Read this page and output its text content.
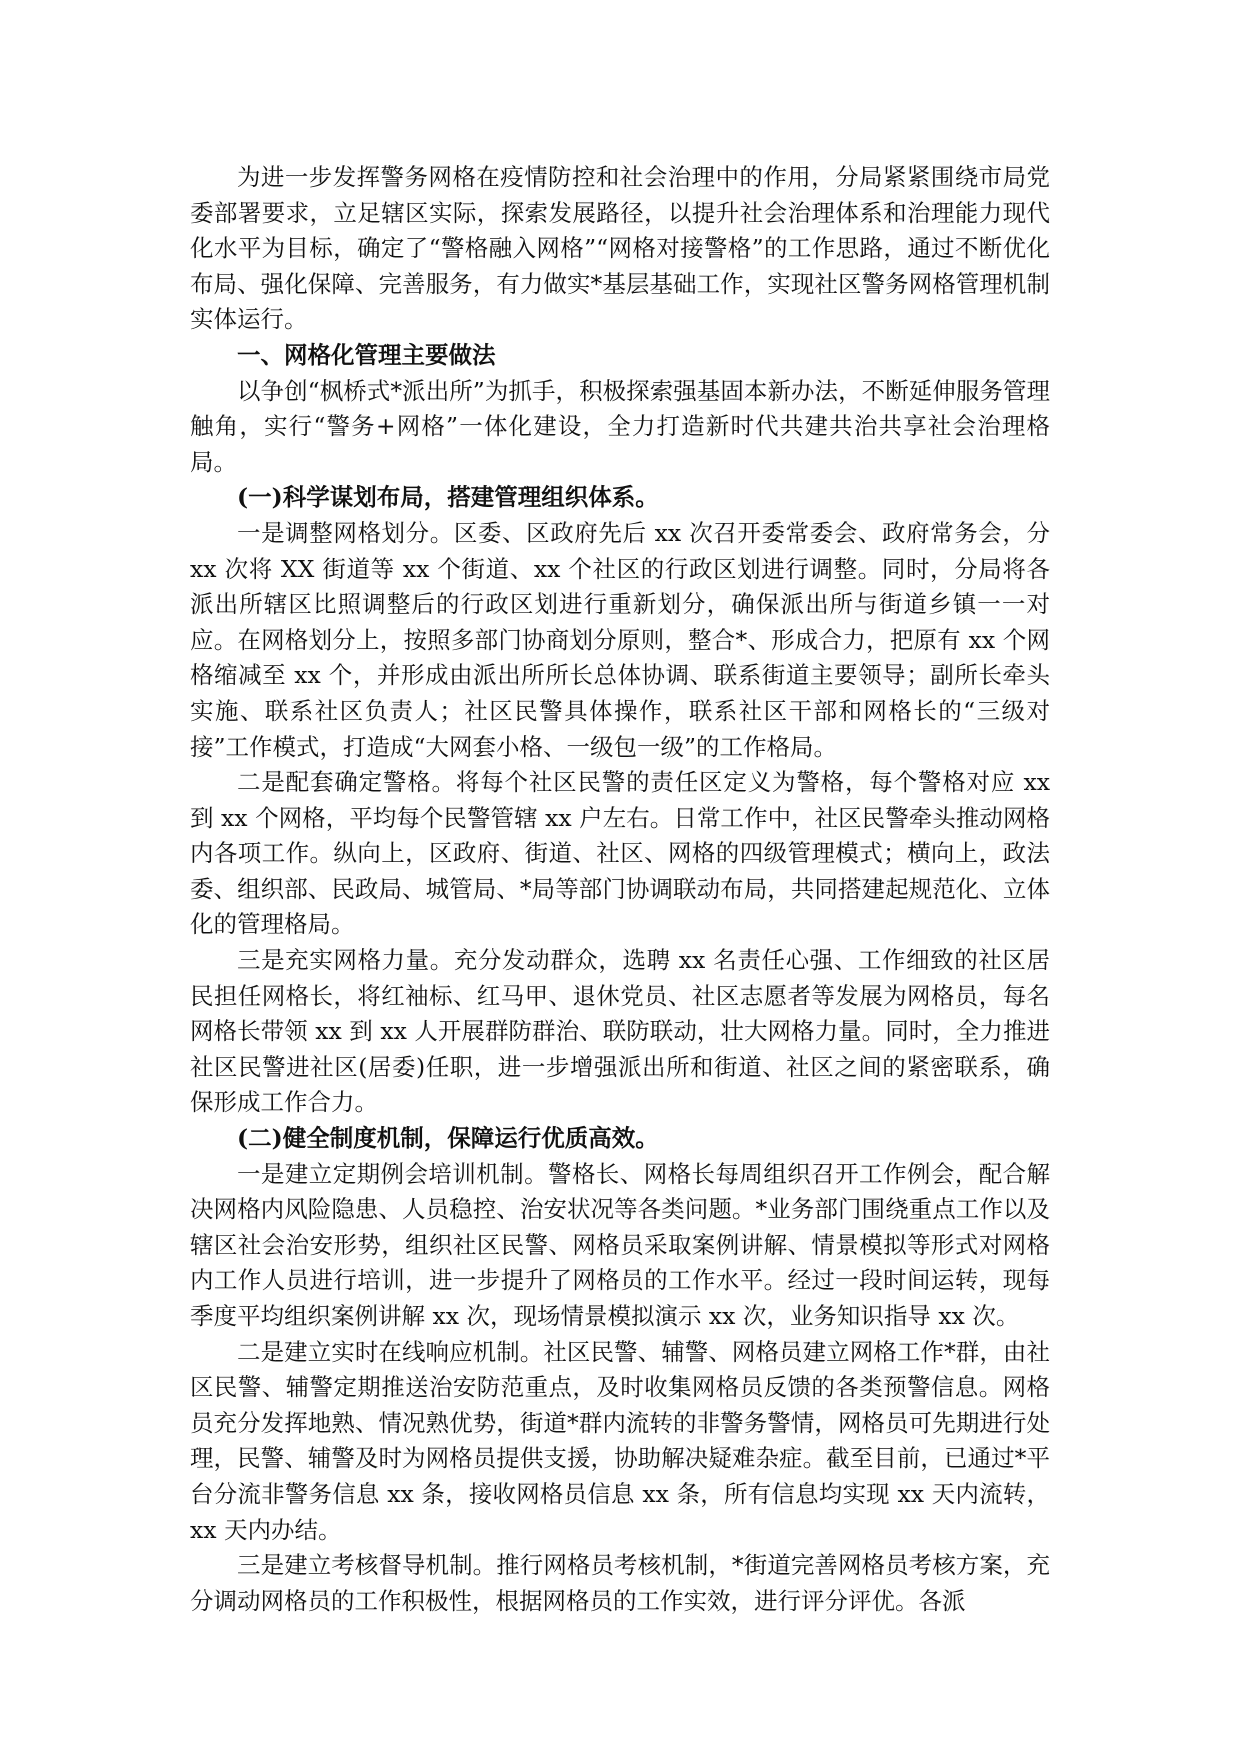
为进一步发挥警务网格在疫情防控和社会治理中的作用，分局紧紧围绕市局党委部署要求，立足辖区实际，探索发展路径，以提升社会治理体系和治理能力现代化水平为目标，确定了“警格融入网格”“网格对接警格”的工作思路，通过不断优化布局、强化保障、完善服务，有力做实*基层基础工作，实现社区警务网格管理机制实体运行。

一、网格化管理主要做法

以争创“枫桥式*派出所”为抓手，积极探索强基固本新办法，不断延伸服务管理触角，实行“警务+网格”一体化建设，全力打造新时代共建共治共享社会治理格局。

(一)科学谋划布局，搭建管理组织体系。

一是调整网格划分。区委、区政府先后 xx 次召开委常委会、政府常务会，分 xx 次将 XX 街道等 xx 个街道、xx 个社区的行政区划进行调整。同时，分局将各派出所辖区比照调整后的行政区划进行重新划分，确保派出所与街道乡镇一一对应。在网格划分上，按照多部门协商划分原则，整合*、形成合力，把原有 xx 个网格缩减至 xx 个，并形成由派出所所长总体协调、联系街道主要领导；副所长牵头实施、联系社区负责人；社区民警具体操作，联系社区干部和网格长的“三级对接”工作模式，打造成“大网套小格、一级包一级”的工作格局。

二是配套确定警格。将每个社区民警的责任区定义为警格，每个警格对应 xx 到 xx 个网格，平均每个民警管辖 xx 户左右。日常工作中，社区民警牵头推动网格内各项工作。纵向上，区政府、街道、社区、网格的四级管理模式；横向上，政法委、组织部、民政局、城管局、*局等部门协调联动布局，共同搭建起规范化、立体化的管理格局。

三是充实网格力量。充分发动群众，选聘 xx 名责任心强、工作细致的社区居民担任网格长，将红袖标、红马甲、退休党员、社区志愿者等发展为网格员，每名网格长带领 xx 到 xx 人开展群防群治、联防联动，壮大网格力量。同时，全力推进社区民警进社区(居委)任职，进一步增强派出所和街道、社区之间的紧密联系，确保形成工作合力。

(二)健全制度机制，保障运行优质高效。

一是建立定期例会培训机制。警格长、网格长每周组织召开工作例会，配合解决网格内风险隐患、人员稳控、治安状况等各类问题。*业务部门围绕重点工作以及辖区社会治安形势，组织社区民警、网格员采取案例讲解、情景模拟等形式对网格内工作人员进行培训，进一步提升了网格员的工作水平。经过一段时间运转，现每季度平均组织案例讲解 xx 次，现场情景模拟演示 xx 次，业务知识指导 xx 次。

二是建立实时在线响应机制。社区民警、辅警、网格员建立网格工作*群，由社区民警、辅警定期推送治安防范重点，及时收集网格员反馈的各类预警信息。网格员充分发挥地熟、情况熟优势，街道*群内流转的非警务警情，网格员可先期进行处理，民警、辅警及时为网格员提供支援，协助解决疑难杂症。截至目前，已通过*平台分流非警务信息 xx 条，接收网格员信息 xx 条，所有信息均实现 xx 天内流转，xx 天内办结。

三是建立考核督导机制。推行网格员考核机制，*街道完善网格员考核方案，充分调动网格员的工作积极性，根据网格员的工作实效，进行评分评优。各派
